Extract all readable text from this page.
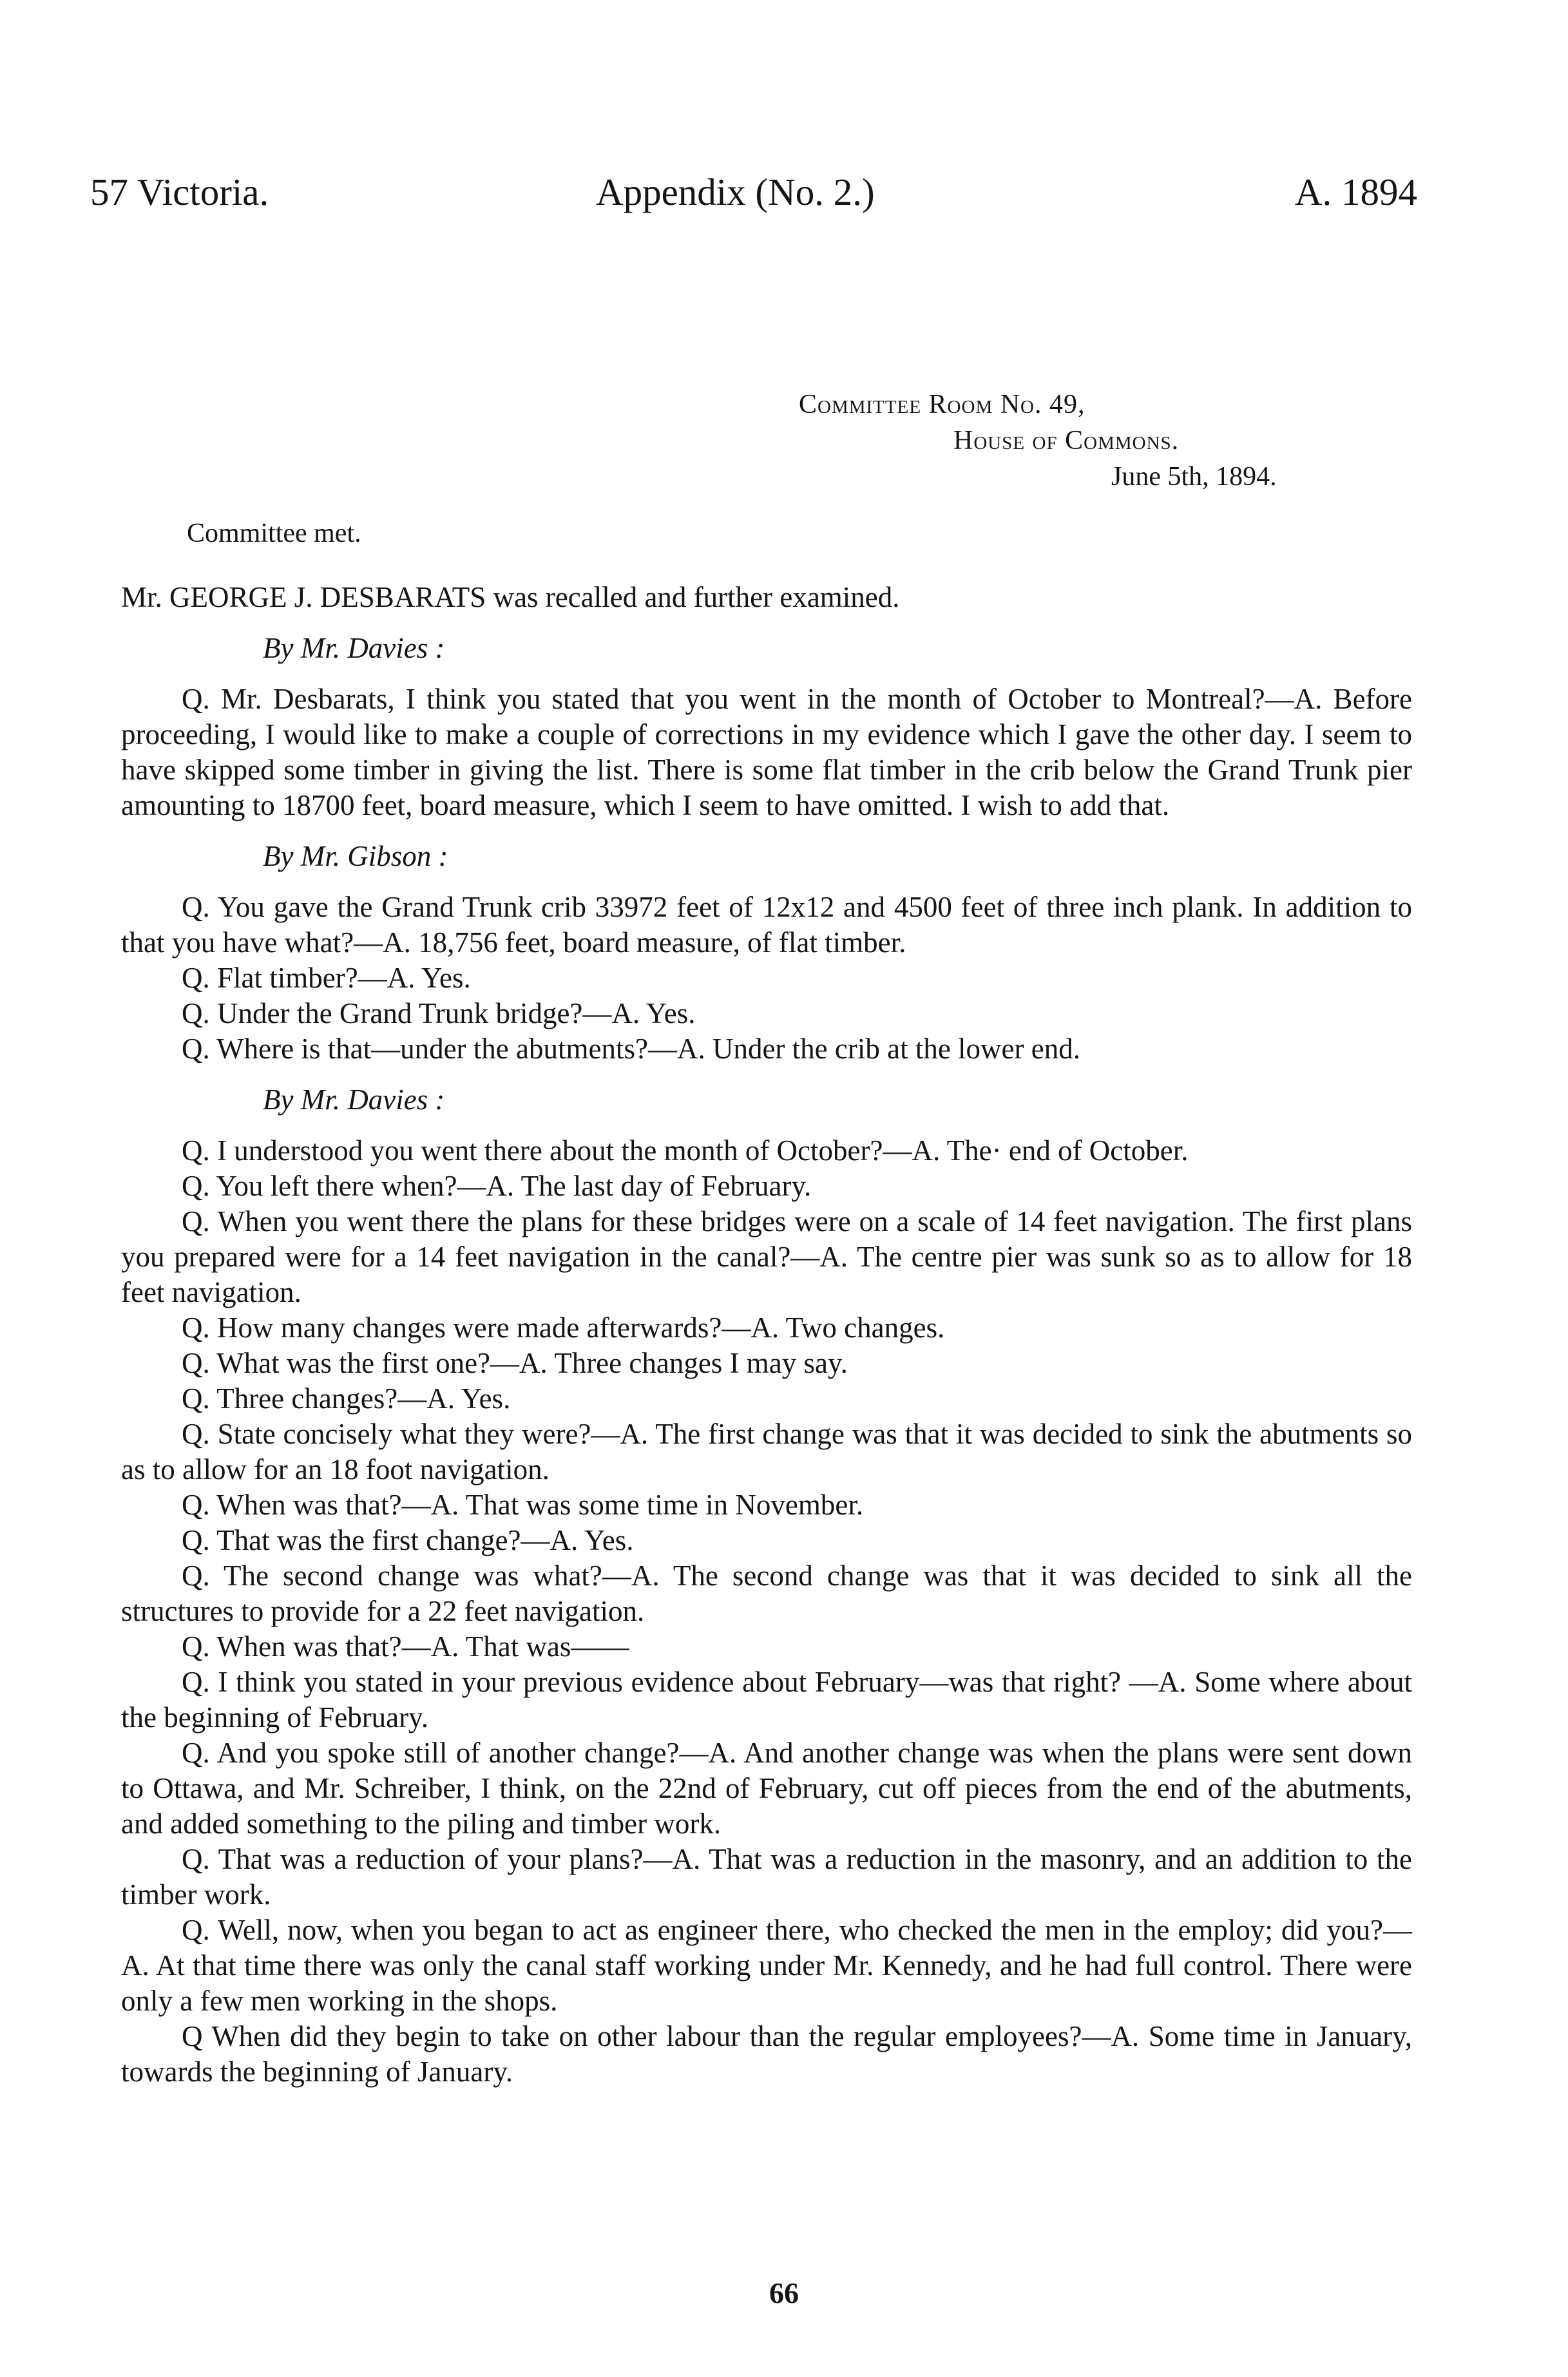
57 Victoria.	Appendix (No. 2.)	A. 1894
Committee Room No. 49,
House of Commons.
June 5th, 1894.
Committee met.

Mr. GEORGE J. DESBARATS was recalled and further examined.

By Mr. Davies :

Q. Mr. Desbarats, I think you stated that you went in the month of October to Montreal?—A. Before proceeding, I would like to make a couple of corrections in my evidence which I gave the other day. I seem to have skipped some timber in giving the list. There is some flat timber in the crib below the Grand Trunk pier amounting to 18700 feet, board measure, which I seem to have omitted. I wish to add that.

By Mr. Gibson :

Q. You gave the Grand Trunk crib 33972 feet of 12x12 and 4500 feet of three inch plank. In addition to that you have what?—A. 18,756 feet, board measure, of flat timber.

Q. Flat timber?—A. Yes.

Q. Under the Grand Trunk bridge?—A. Yes.

Q. Where is that—under the abutments?—A. Under the crib at the lower end.

By Mr. Davies :

Q. I understood you went there about the month of October?—A. The· end of October.

Q. You left there when?—A. The last day of February.

Q. When you went there the plans for these bridges were on a scale of 14 feet navigation. The first plans you prepared were for a 14 feet navigation in the canal?—A. The centre pier was sunk so as to allow for 18 feet navigation.

Q. How many changes were made afterwards?—A. Two changes.

Q. What was the first one?—A. Three changes I may say.

Q. Three changes?—A. Yes.

Q. State concisely what they were?—A. The first change was that it was decided to sink the abutments so as to allow for an 18 foot navigation.

Q. When was that?—A. That was some time in November.

Q. That was the first change?—A. Yes.

Q. The second change was what?—A. The second change was that it was decided to sink all the structures to provide for a 22 feet navigation.

Q. When was that?—A. That was——

Q. I think you stated in your previous evidence about February—was that right? —A. Some where about the beginning of February.

Q. And you spoke still of another change?—A. And another change was when the plans were sent down to Ottawa, and Mr. Schreiber, I think, on the 22nd of February, cut off pieces from the end of the abutments, and added something to the piling and timber work.

Q. That was a reduction of your plans?—A. That was a reduction in the masonry, and an addition to the timber work.

Q. Well, now, when you began to act as engineer there, who checked the men in the employ; did you?—A. At that time there was only the canal staff working under Mr. Kennedy, and he had full control. There were only a few men working in the shops.

Q When did they begin to take on other labour than the regular employees?—A. Some time in January, towards the beginning of January.

66
